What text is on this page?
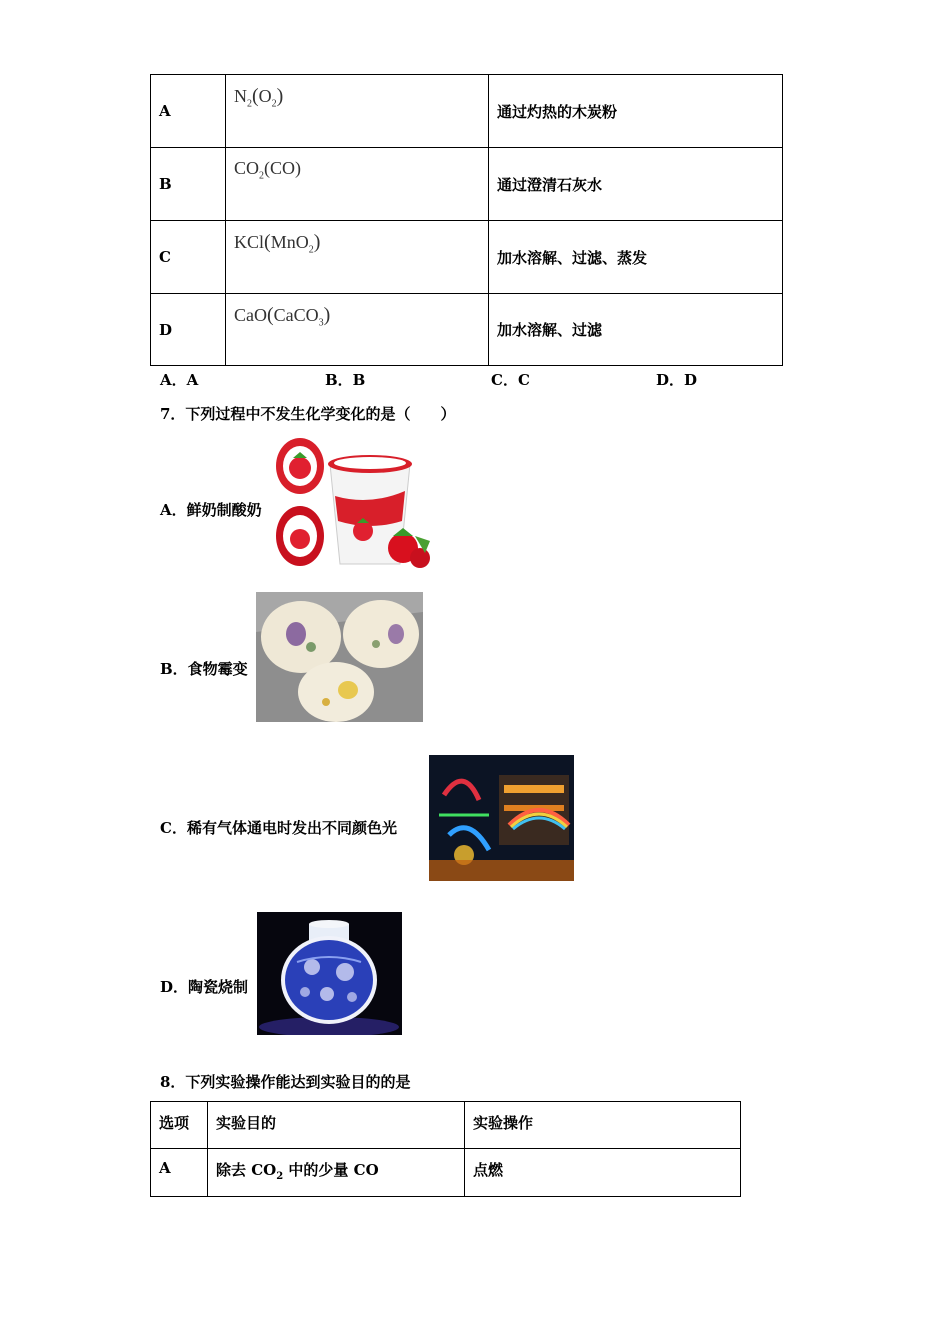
A	$N_2(O_2)$	通过灼热的木炭粉
B	$CO_2(CO)$	通过澄清石灰水
C	KCl(MnO$_2$)	加水溶解、过滤、蒸发
D	CaO(CaCO$_3$)	加水溶解、过滤
A．A	B．B	C．C	D．D
7．下列过程中不发生化学变化的是（　　）
A．鲜奶制酸奶
B．食物霉变
C．稀有气体通电时发出不同颜色光
D．陶瓷烧制
8．下列实验操作能达到实验目的的是
选项	实验目的	实验操作
A	除去 $CO_2$ 中的少量 CO	点燃
